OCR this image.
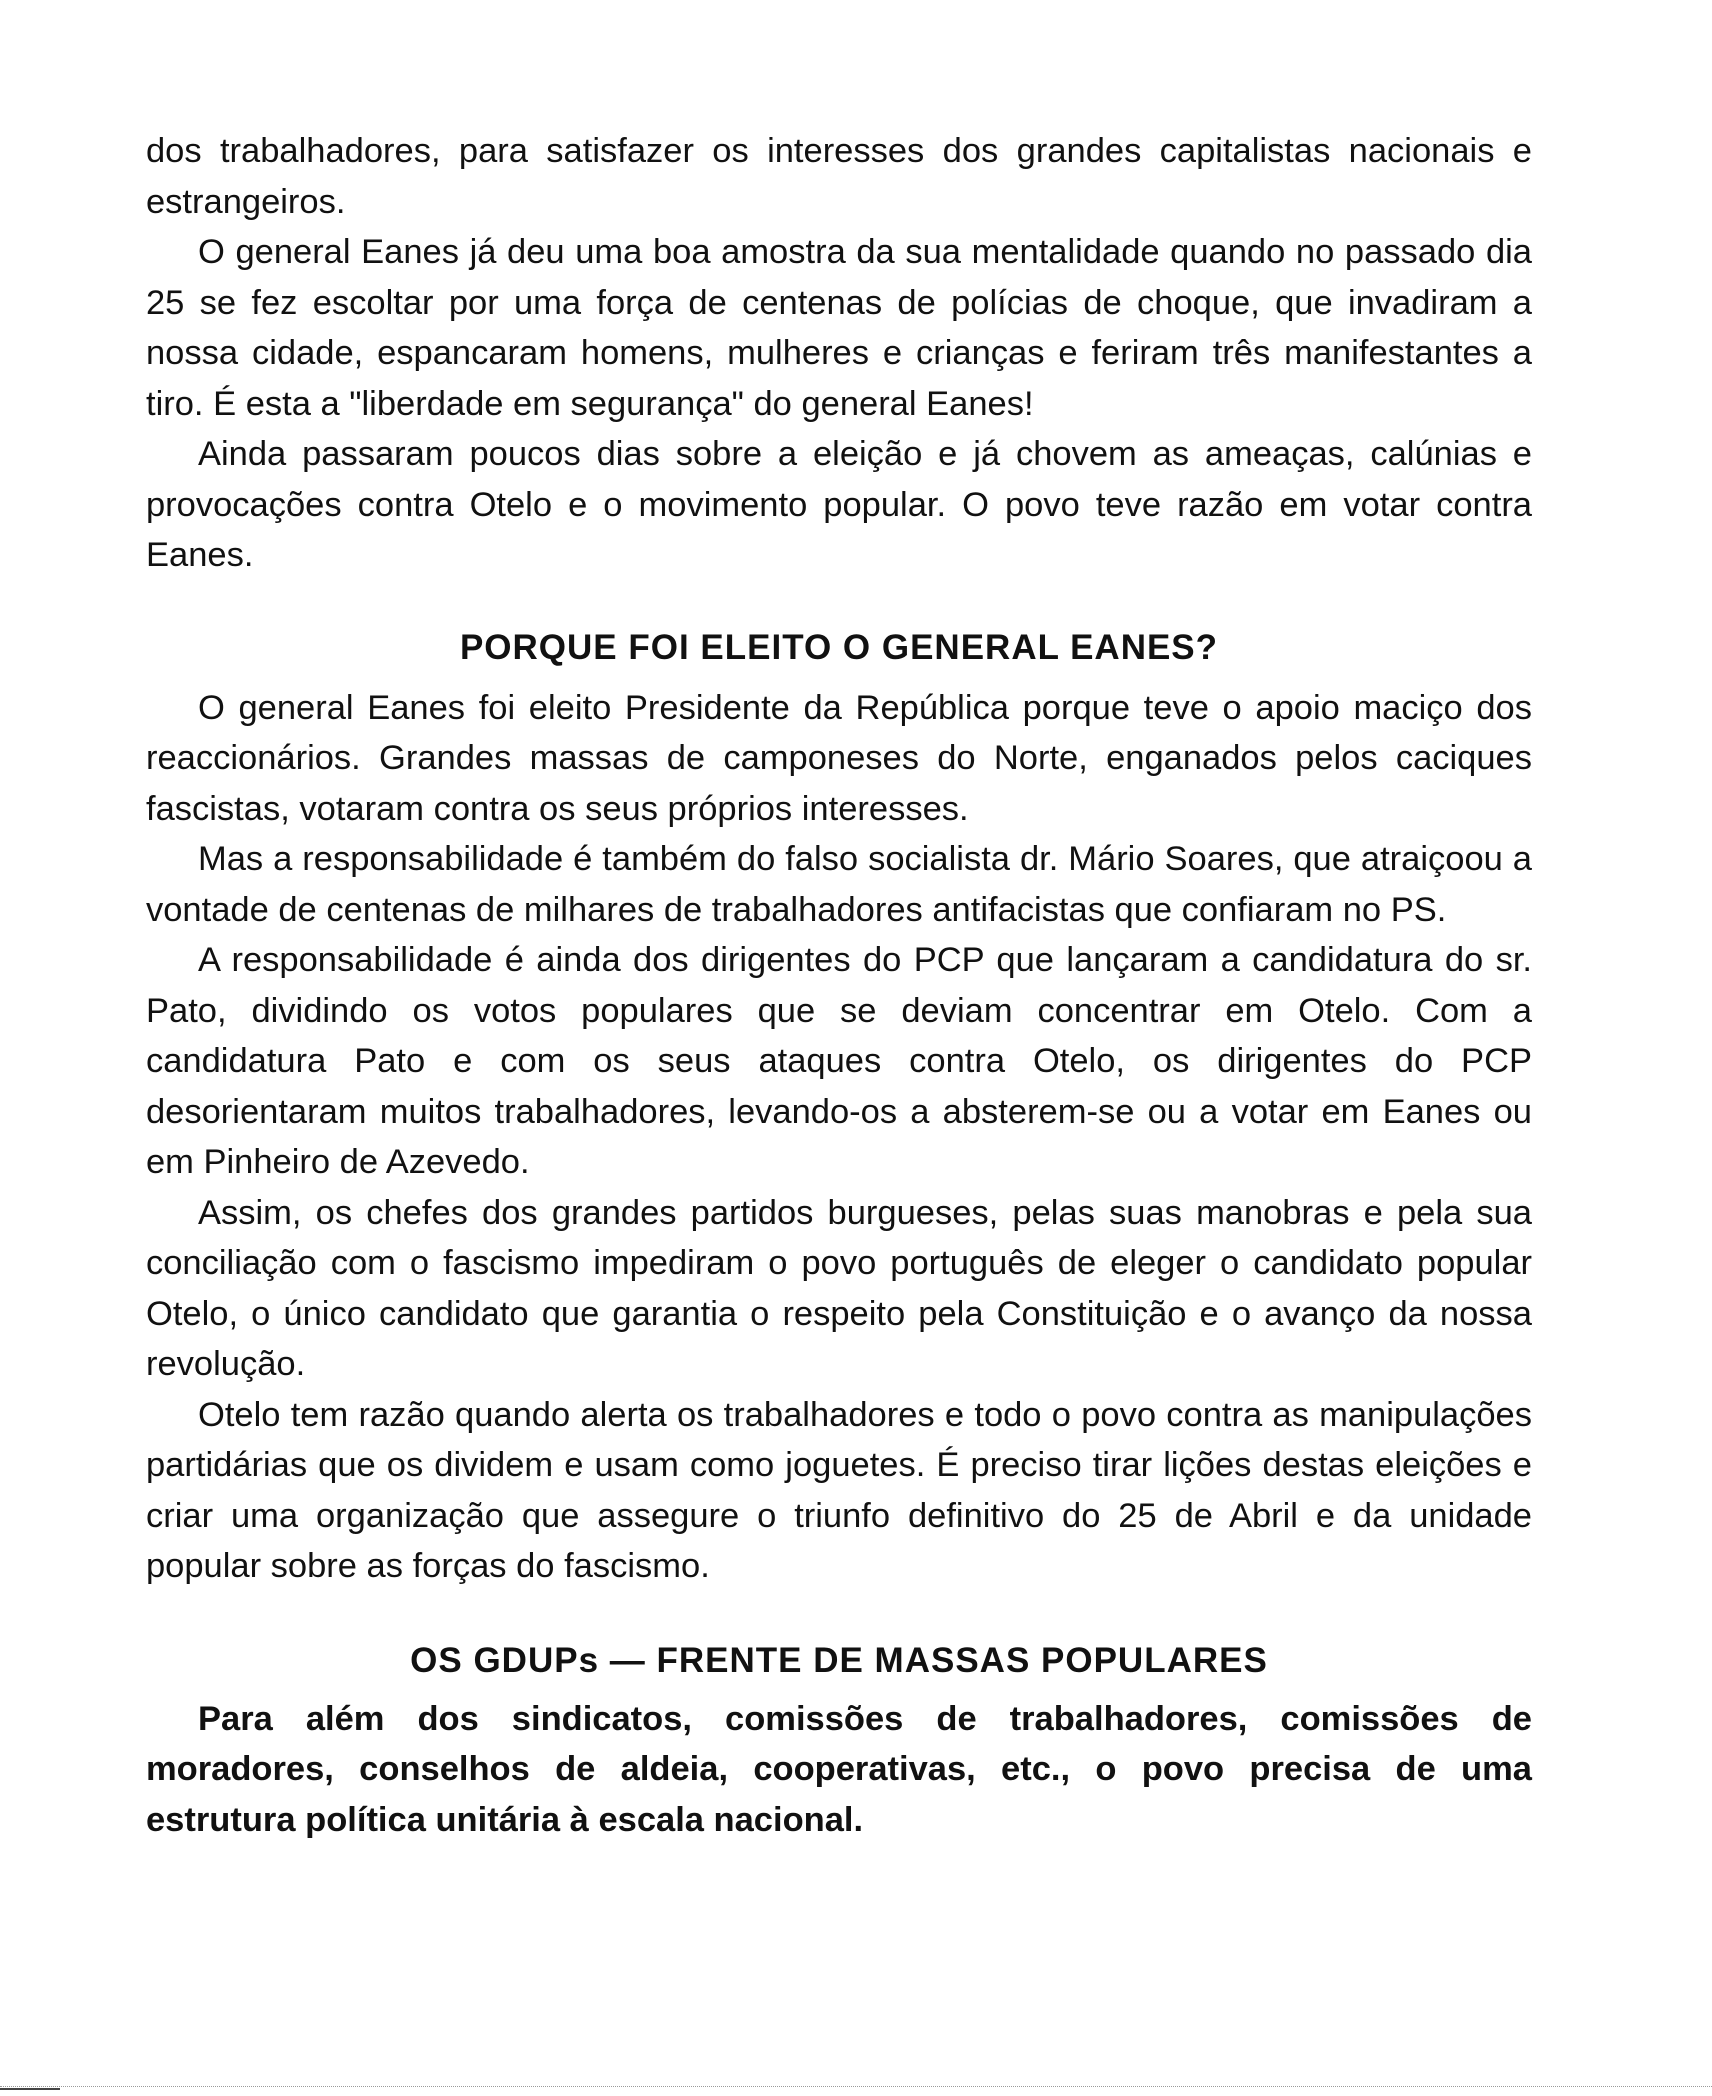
dos trabalhadores, para satisfazer os interesses dos grandes capitalistas nacionais e estrangeiros.

O general Eanes já deu uma boa amostra da sua mentalidade quando no passado dia 25 se fez escoltar por uma força de centenas de polícias de choque, que invadiram a nossa cidade, espancaram homens, mulheres e crianças e feriram três manifestantes a tiro. É esta a "liberdade em segurança" do general Eanes!

Ainda passaram poucos dias sobre a eleição e já chovem as ameaças, calúnias e provocações contra Otelo e o movimento popular. O povo teve razão em votar contra Eanes.

PORQUE FOI ELEITO O GENERAL EANES?

O general Eanes foi eleito Presidente da República porque teve o apoio maciço dos reaccionários. Grandes massas de camponeses do Norte, enganados pelos caciques fascistas, votaram contra os seus próprios interesses.

Mas a responsabilidade é também do falso socialista dr. Mário Soares, que atraiçoou a vontade de centenas de milhares de trabalhadores antifacistas que confiaram no PS.

A responsabilidade é ainda dos dirigentes do PCP que lançaram a candidatura do sr. Pato, dividindo os votos populares que se deviam concentrar em Otelo. Com a candidatura Pato e com os seus ataques contra Otelo, os dirigentes do PCP desorientaram muitos trabalhadores, levando-os a absterem-se ou a votar em Eanes ou em Pinheiro de Azevedo.

Assim, os chefes dos grandes partidos burgueses, pelas suas manobras e pela sua conciliação com o fascismo impediram o povo português de eleger o candidato popular Otelo, o único candidato que garantia o respeito pela Constituição e o avanço da nossa revolução.

Otelo tem razão quando alerta os trabalhadores e todo o povo contra as manipulações partidárias que os dividem e usam como joguetes. É preciso tirar lições destas eleições e criar uma organização que assegure o triunfo definitivo do 25 de Abril e da unidade popular sobre as forças do fascismo.

OS GDUPs — FRENTE DE MASSAS POPULARES

Para além dos sindicatos, comissões de trabalhadores, comissões de moradores, conselhos de aldeia, cooperativas, etc., o povo precisa de uma estrutura política unitária à escala nacional.
